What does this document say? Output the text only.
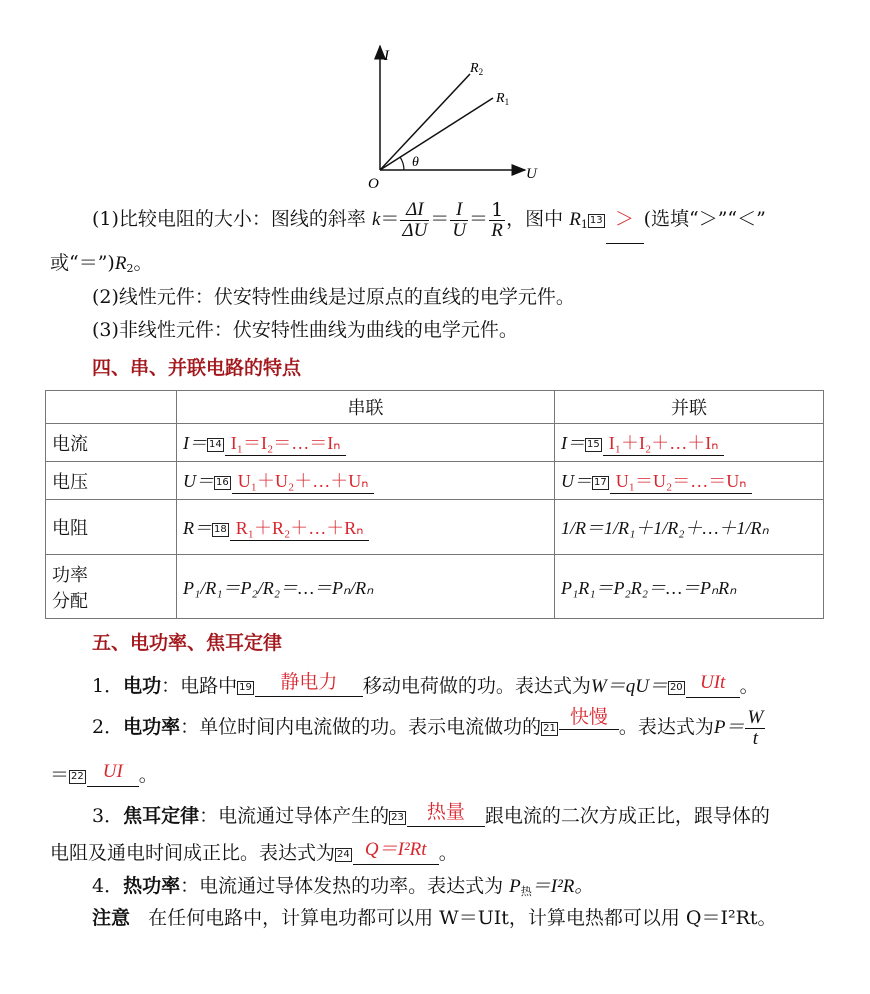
I
U
O
θ
$R_2$
$R_1$
(1)比较电阻的大小：图线的斜率 $k= \frac{\Delta I}{\Delta U} = \frac{I}{U} = \frac{1}{R}$ ，图中 $R_1$ 13 ＞ (选填“＞”“＜”
或“$=”)R_2$。
(2)线性元件：伏安特性曲线是过原点的直线的电学元件。
(3)非线性元件：伏安特性曲线为曲线的电学元件。
四、串、并联电路的特点
	串联	并联
电流	I＝ 14 I₁＝I₂＝…＝Iₙ	I＝ 15 I₁＋I₂＋…＋Iₙ
电压	U＝ 16 U₁＋U₂＋…＋Uₙ	U＝ 17 U₁＝U₂＝…＝Uₙ
电阻	R＝ 18 R₁＋R₂＋…＋Rₙ	1/R＝1/R₁＋1/R₂＋…＋1/Rₙ

功率
分配	P₁/R₁＝P₂/R₂＝…＝Pₙ/Rₙ	P₁R₁＝P₂R₂＝…＝PₙRₙ
五、电功率、焦耳定律
1．电功：电路中 19 静电力 移动电荷做的功。表达式为W＝qU＝ 20 UIt 。
2．电功率：单位时间内电流做的功。表示电流做功的 21快慢 。表达式为$P= \frac{W}{t}$
＝ 22 UI 。
3．焦耳定律：电流通过导体产生的 23 热量 跟电流的二次方成正比，跟导体的
电阻及通电时间成正比。表达式为 24 Q＝I²Rt 。
4．热功率：电流通过导体发热的功率。表达式为 $P_热=I^2R$。
注意 在任何电路中，计算电功都可以用 W＝UIt，计算电热都可以用 Q＝I²Rt。
